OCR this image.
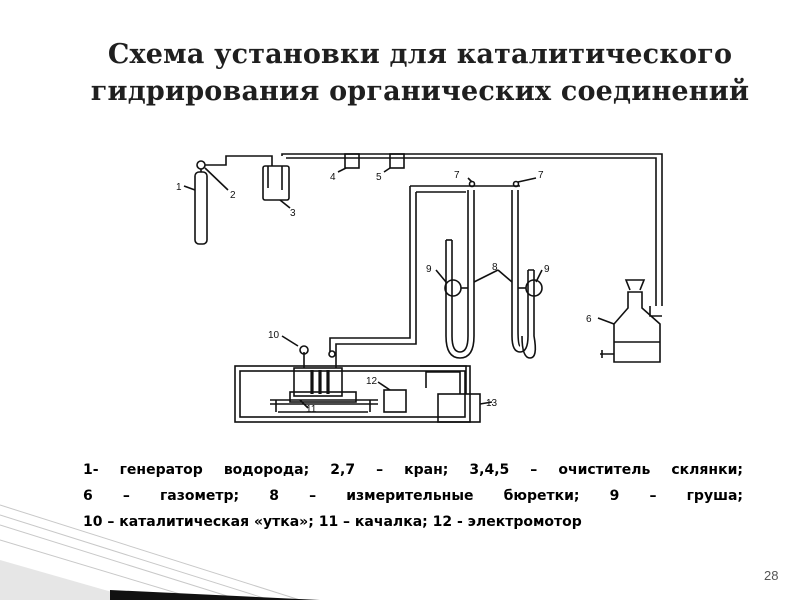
Схема установки для каталитического
гидрирования органических соединений
1
2
3
4	5
6
7	7
8
9	9
10
11
12
13
1- генератор водорода; 2,7 – кран; 3,4,5 – очиститель склянки;
6 – газометр; 8 – измерительные бюретки; 9 – груша;
10 – каталитическая «утка»; 11 – качалка; 12 - электромотор
28
